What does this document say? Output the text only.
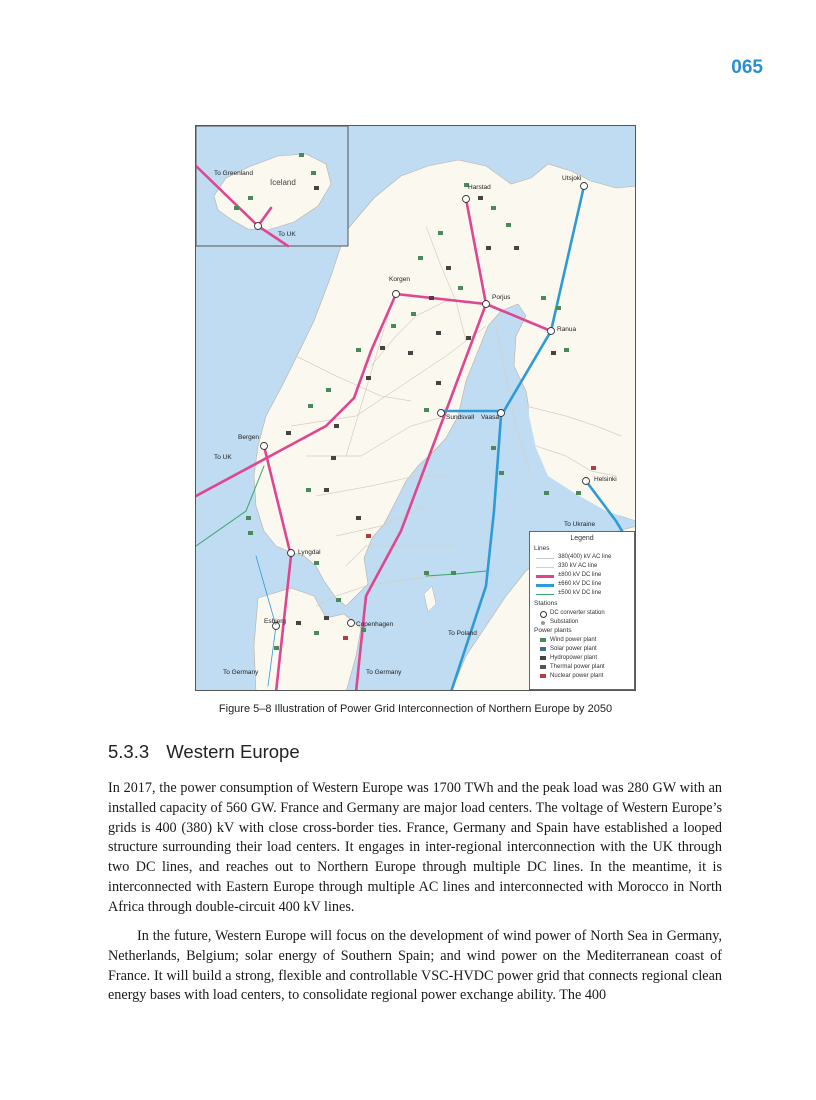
065
To Greenland
Iceland
To UK
Harstad
Utsjoki
Korgen
Porjus
Ranua
Sundsvall Vaasa
Bergen
To UK
Helsinki
To Ukraine
Lyngdal
Esbjerg	Copenhagen
To Poland
To Germany	To Germany
Legend
Lines
380(400) kV AC line
330 kV AC line
±800 kV DC line
±660 kV DC line
±500 kV DC line
Stations
DC converter station
Substation
Power plants
Wind power plant
Solar power plant
Hydropower plant
Thermal power plant
Nuclear power plant
Figure 5–8 Illustration of Power Grid Interconnection of Northern Europe by 2050
5.3.3 Western Europe

In 2017, the power consumption of Western Europe was 1700 TWh and the peak load was 280 GW with an installed capacity of 560 GW. France and Germany are major load centers. The voltage of Western Europe’s grids is 400 (380) kV with close cross-border ties. France, Germany and Spain have established a looped structure surrounding their load centers. It engages in inter-regional interconnection with the UK through two DC lines, and reaches out to Northern Europe through multiple DC lines. In the meantime, it is interconnected with Eastern Europe through multiple AC lines and interconnected with Morocco in North Africa through double-circuit 400 kV lines.

In the future, Western Europe will focus on the development of wind power of North Sea in Germany, Netherlands, Belgium; solar energy of Southern Spain; and wind power on the Mediterranean coast of France. It will build a strong, flexible and controllable VSC-HVDC power grid that connects regional clean energy bases with load centers, to consolidate regional power exchange ability. The 400
